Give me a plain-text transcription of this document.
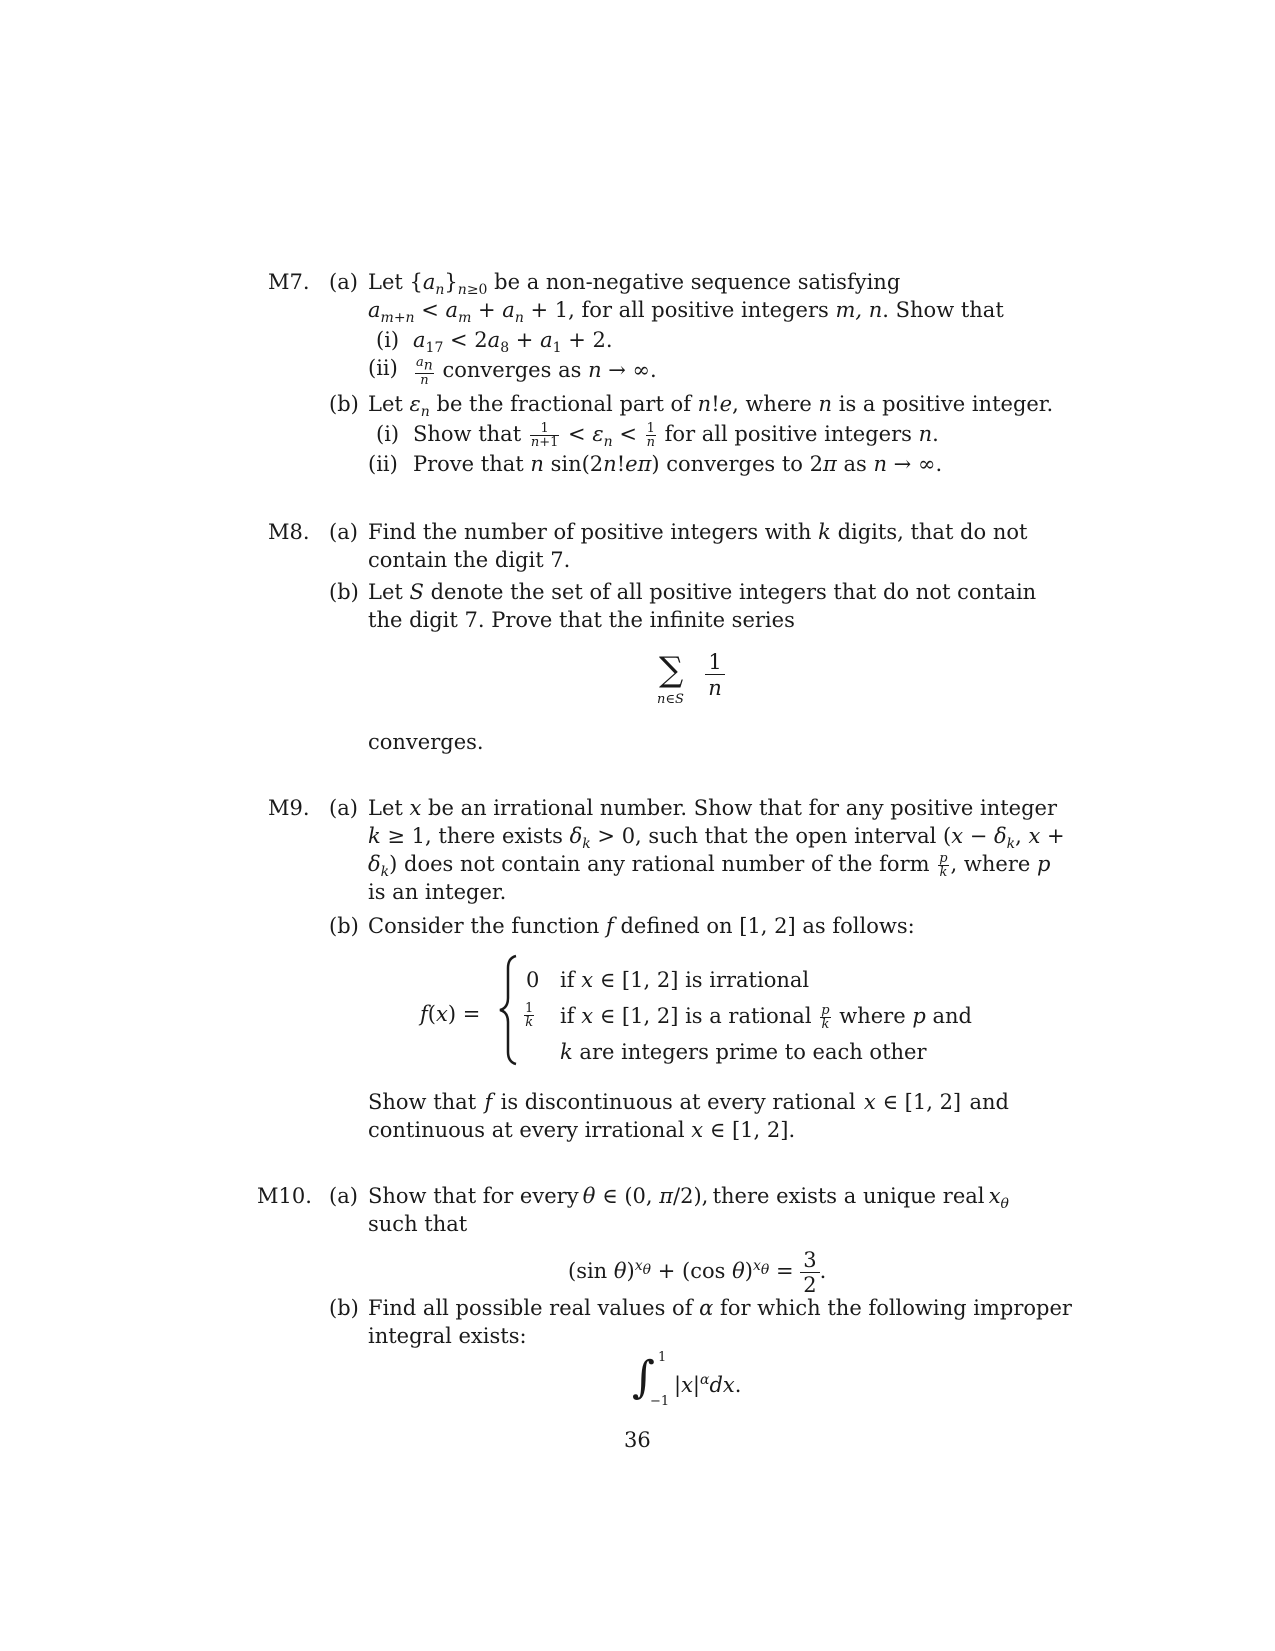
M7. (a) Let $\{a_n\}_{n\ge 0}$ be a non-negative sequence satisfying
$a_{m+n} < a_m + a_n + 1$, for all positive integers m, n. Show that
(i) $a_{17} < 2a_8 + a_1 + 2$.
$(ii) \frac{a_n}{n}$ converges as n → ∞.
(b) Let $\varepsilon_n$ be the fractional part of n!e, where n is a positive integer.
(i) Show that $\frac{1}{n+1} < \varepsilon_n < \frac{1}{n}$ for all positive integers n.
(ii) Prove that n sin(2n!eπ) converges to 2π as n → ∞.
M8. (a) Find the number of positive integers with k digits, that do not
contain the digit 7.
(b) Let S denote the set of all positive integers that do not contain
the digit 7. Prove that the infinite series
∑
n∈S
1
n
converges.
M9. (a) Let x be an irrational number. Show that for any positive integer
k ≥ 1, there exists $\delta_k > 0$, such that the open interval ($x - \delta_k$, x +
$\delta_k$) does not contain any rational number of the form $\frac{p}{k}$ , where p
is an integer.
(b) Consider the function f defined on [1, 2] as follows:
f(x) =
0 if x ∈ [1, 2] is irrational
$\frac{1}{k}$ if x ∈ [1, 2] is a rational $\frac{p}{k}$ where p and
k are integers prime to each other
Show that f is discontinuous at every rational x ∈ [1, 2] and
continuous at every irrational x ∈ [1, 2].
M10. (a) Show that for every θ ∈ (0, π/2), there exists a unique real $x_\theta$
such that
(sin θ)$^{x_\theta}$ + (cos $\theta)^{x_\theta} = \frac{3}{2}$ .
(b) Find all possible real values of α for which the following improper
integral exists:
∫ 1
−1
$|x|^\alpha dx$.
36
